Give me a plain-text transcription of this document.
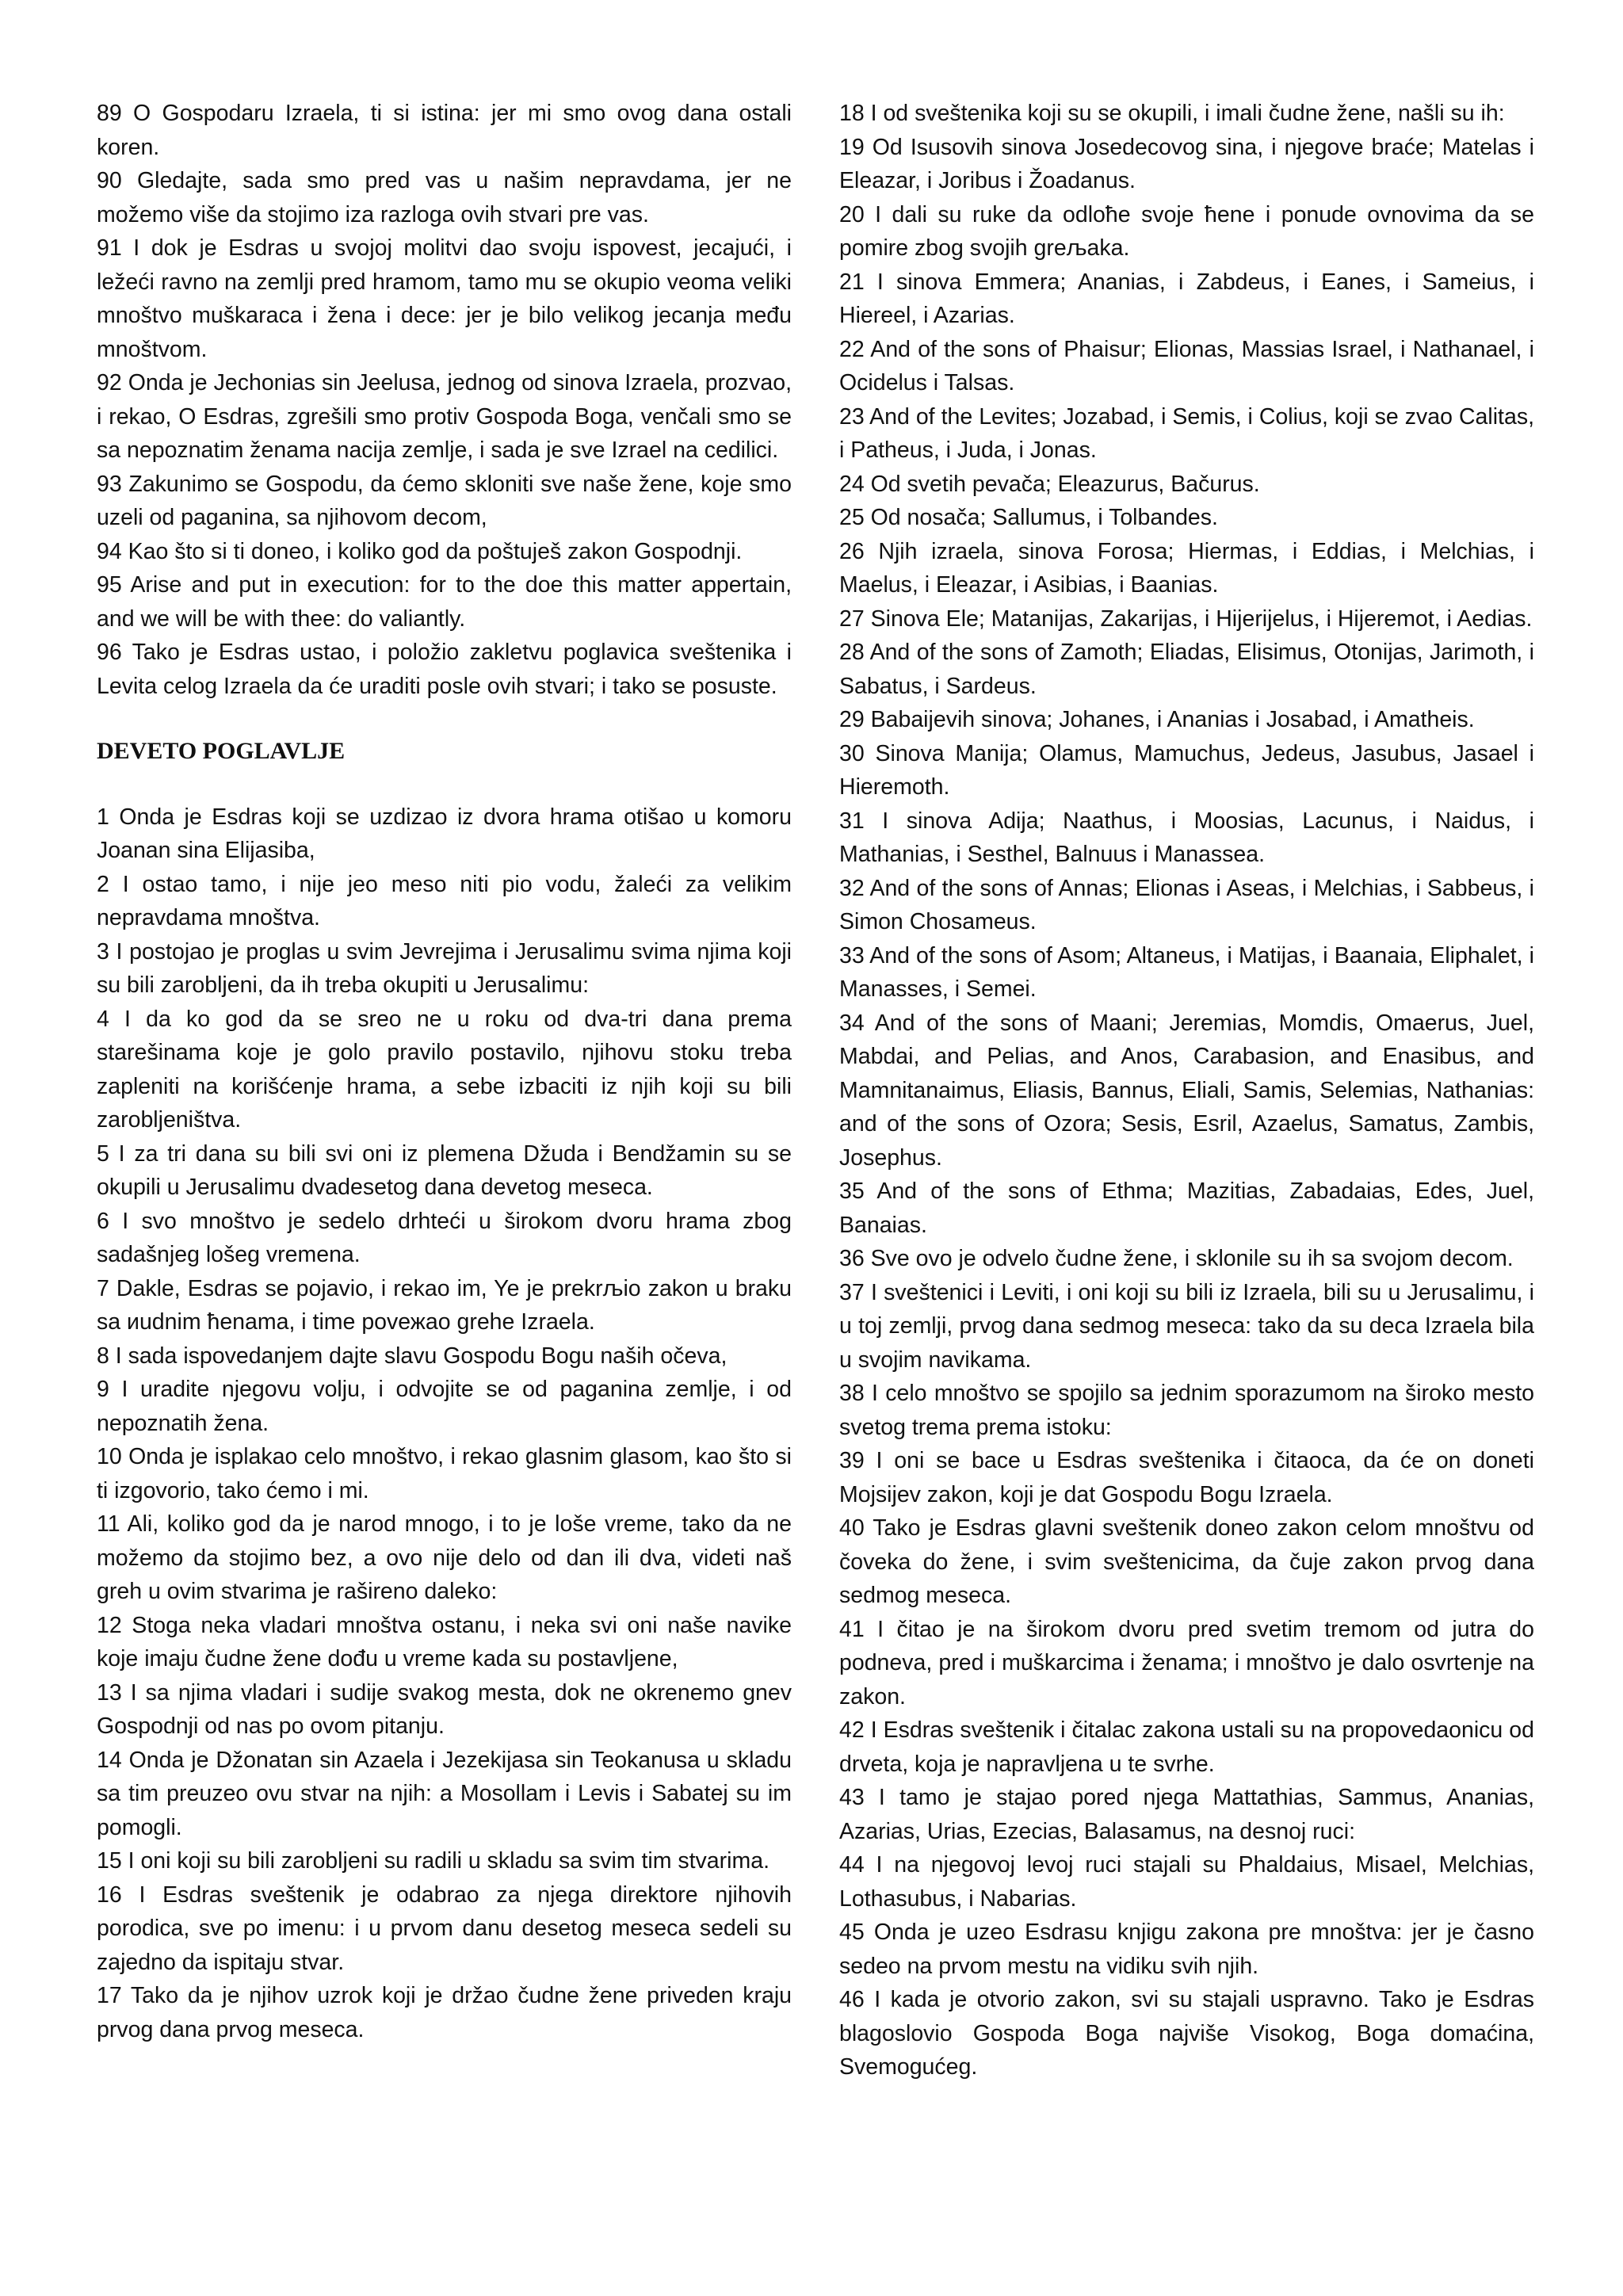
89 O Gospodaru Izraela, ti si istina: jer mi smo ovog dana ostali koren.

90 Gledajte, sada smo pred vas u našim nepravdama, jer ne možemo više da stojimo iza razloga ovih stvari pre vas.

91 I dok je Esdras u svojoj molitvi dao svoju ispovest, jecajući, i ležeći ravno na zemlji pred hramom, tamo mu se okupio veoma veliki mnoštvo muškaraca i žena i dece: jer je bilo velikog jecanja među mnoštvom.

92 Onda je Jechonias sin Jeelusa, jednog od sinova Izraela, prozvao, i rekao, O Esdras, zgrešili smo protiv Gospoda Boga, venčali smo se sa nepoznatim ženama nacija zemlje, i sada je sve Izrael na cedilici.

93 Zakunimo se Gospodu, da ćemo skloniti sve naše žene, koje smo uzeli od paganina, sa njihovom decom,

94 Kao što si ti doneo, i koliko god da poštuješ zakon Gospodnji.

95 Arise and put in execution: for to the doe this matter appertain, and we will be with thee: do valiantly.

96 Tako je Esdras ustao, i položio zakletvu poglavica sveštenika i Levita celog Izraela da će uraditi posle ovih stvari; i tako se posuste.

DEVETO POGLAVLJE

1 Onda je Esdras koji se uzdizao iz dvora hrama otišao u komoru Joanan sina Elijasiba,

2 I ostao tamo, i nije jeo meso niti pio vodu, žaleći za velikim nepravdama mnoštva.

3 I postojao je proglas u svim Jevrejima i Jerusalimu svima njima koji su bili zarobljeni, da ih treba okupiti u Jerusalimu:

4 I da ko god da se sreo ne u roku od dva-tri dana prema starešinama koje je golo pravilo postavilo, njihovu stoku treba zapleniti na korišćenje hrama, a sebe izbaciti iz njih koji su bili zarobljeništva.

5 I za tri dana su bili svi oni iz plemena Džuda i Bendžamin su se okupili u Jerusalimu dvadesetog dana devetog meseca.

6 I svo mnoštvo je sedelo drhteći u širokom dvoru hrama zbog sadašnjeg lošeg vremena.

7 Dakle, Esdras se pojavio, i rekao im, Ye je prekrљio zakon u braku sa иudnim ћenama, i time роvежао grehe Izraela.

8 I sada ispovedanjem dajte slavu Gospodu Bogu naših očeva,

9 I uradite njegovu volju, i odvojite se od paganina zemlje, i od nepoznatih žena.

10 Onda je isplakao celo mnoštvo, i rekao glasnim glasom, kao što si ti izgovorio, tako ćemo i mi.

11 Ali, koliko god da je narod mnogo, i to je loše vreme, tako da ne možemo da stojimo bez, a ovo nije delo od dan ili dva, videti naš greh u ovim stvarima je rašireno daleko:

12 Stoga neka vladari mnoštva ostanu, i neka svi oni naše navike koje imaju čudne žene dođu u vreme kada su postavljene,

13 I sa njima vladari i sudije svakog mesta, dok ne okrenemo gnev Gospodnji od nas po ovom pitanju.

14 Onda je Džonatan sin Azaela i Jezekijasa sin Teokanusa u skladu sa tim preuzeo ovu stvar na njih: a Mosollam i Levis i Sabatej su im pomogli.

15 I oni koji su bili zarobljeni su radili u skladu sa svim tim stvarima.

16 I Esdras sveštenik je odabrao za njega direktore njihovih porodica, sve po imenu: i u prvom danu desetog meseca sedeli su zajedno da ispitaju stvar.

17 Tako da je njihov uzrok koji je držao čudne žene priveden kraju prvog dana prvog meseca.

18 I od sveštenika koji su se okupili, i imali čudne žene, našli su ih:

19 Od Isusovih sinova Josedecovog sina, i njegove braće; Matelas i Eleazar, i Joribus i Žoadanus.

20 I dali su ruke da odloћe svoje ћene i ponude ovnovima da se pomire zbog svojih greљaka.

21 I sinova Emmera; Ananias, i Zabdeus, i Eanes, i Sameius, i Hiereel, i Azarias.

22 And of the sons of Phaisur; Elionas, Massias Israel, i Nathanael, i Ocidelus i Talsas.

23 And of the Levites; Jozabad, i Semis, i Colius, koji se zvao Calitas, i Patheus, i Juda, i Jonas.

24 Od svetih pevača; Eleazurus, Bačurus.

25 Od nosača; Sallumus, i Tolbandes.

26 Njih izraela, sinova Forosa; Hiermas, i Eddias, i Melchias, i Maelus, i Eleazar, i Asibias, i Baanias.

27 Sinova Ele; Matanijas, Zakarijas, i Hijerijelus, i Hijeremot, i Aedias.

28 And of the sons of Zamoth; Eliadas, Elisimus, Otonijas, Jarimoth, i Sabatus, i Sardeus.

29 Babaijevih sinova; Johanes, i Ananias i Josabad, i Amatheis.

30 Sinova Manija; Olamus, Mamuchus, Jedeus, Jasubus, Jasael i Hieremoth.

31 I sinova Adija; Naathus, i Moosias, Lacunus, i Naidus, i Mathanias, i Sesthel, Balnuus i Manassea.

32 And of the sons of Annas; Elionas i Aseas, i Melchias, i Sabbeus, i Simon Chosameus.

33 And of the sons of Asom; Altaneus, i Matijas, i Baanaia, Eliphalet, i Manasses, i Semei.

34 And of the sons of Maani; Jeremias, Momdis, Omaerus, Juel, Mabdai, and Pelias, and Anos, Carabasion, and Enasibus, and Mamnitanaimus, Eliasis, Bannus, Eliali, Samis, Selemias, Nathanias: and of the sons of Ozora; Sesis, Esril, Azaelus, Samatus, Zambis, Josephus.

35 And of the sons of Ethma; Mazitias, Zabadaias, Edes, Juel, Banaias.

36 Sve ovo je odvelo čudne žene, i sklonile su ih sa svojom decom.

37 I sveštenici i Leviti, i oni koji su bili iz Izraela, bili su u Jerusalimu, i u toj zemlji, prvog dana sedmog meseca: tako da su deca Izraela bila u svojim navikama.

38 I celo mnoštvo se spojilo sa jednim sporazumom na široko mesto svetog trema prema istoku:

39 I oni se bace u Esdras sveštenika i čitaoca, da će on doneti Mojsijev zakon, koji je dat Gospodu Bogu Izraela.

40 Tako je Esdras glavni sveštenik doneo zakon celom mnoštvu od čoveka do žene, i svim sveštenicima, da čuje zakon prvog dana sedmog meseca.

41 I čitao je na širokom dvoru pred svetim tremom od jutra do podneva, pred i muškarcima i ženama; i mnoštvo je dalo osvrtenje na zakon.

42 I Esdras sveštenik i čitalac zakona ustali su na propovedaonicu od drveta, koja je napravljena u te svrhe.

43 I tamo je stajao pored njega Mattathias, Sammus, Ananias, Azarias, Urias, Ezecias, Balasamus, na desnoj ruci:

44 I na njegovoj levoj ruci stajali su Phaldaius, Misael, Melchias, Lothasubus, i Nabarias.

45 Onda je uzeo Esdrasu knjigu zakona pre mnoštva: jer je časno sedeo na prvom mestu na vidiku svih njih.

46 I kada je otvorio zakon, svi su stajali uspravno. Tako je Esdras blagoslovio Gospoda Boga najviše Visokog, Boga domaćina, Svemogućeg.
